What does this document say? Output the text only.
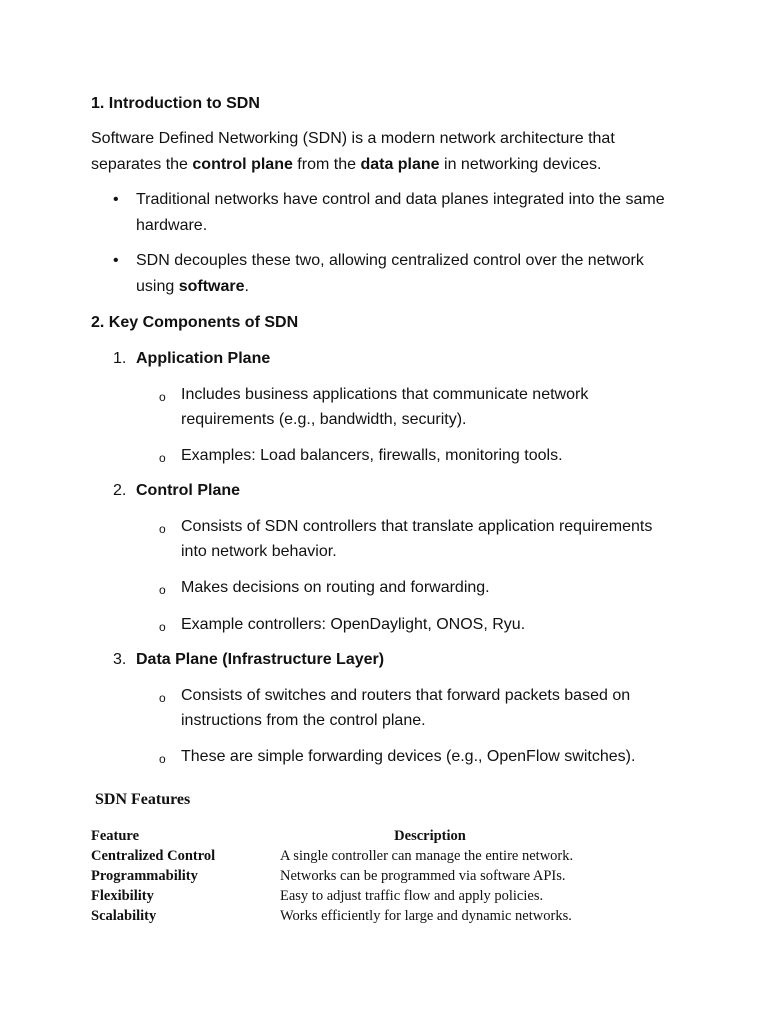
1. Introduction to SDN
Software Defined Networking (SDN) is a modern network architecture that
separates the control plane from the data plane in networking devices.
• Traditional networks have control and data planes integrated into the same
hardware.
• SDN decouples these two, allowing centralized control over the network
using software.
2. Key Components of SDN
1. Application Plane
o Includes business applications that communicate network
requirements (e.g., bandwidth, security).
o Examples: Load balancers, firewalls, monitoring tools.
2. Control Plane
o Consists of SDN controllers that translate application requirements
into network behavior.
o Makes decisions on routing and forwarding.
o Example controllers: OpenDaylight, ONOS, Ryu.
3. Data Plane (Infrastructure Layer)
o Consists of switches and routers that forward packets based on
instructions from the control plane.
o These are simple forwarding devices (e.g., OpenFlow switches).
SDN Features
Feature	Description
Centralized Control	A single controller can manage the entire network.
Programmability	Networks can be programmed via software APIs.
Flexibility	Easy to adjust traffic flow and apply policies.
Scalability	Works efficiently for large and dynamic networks.
